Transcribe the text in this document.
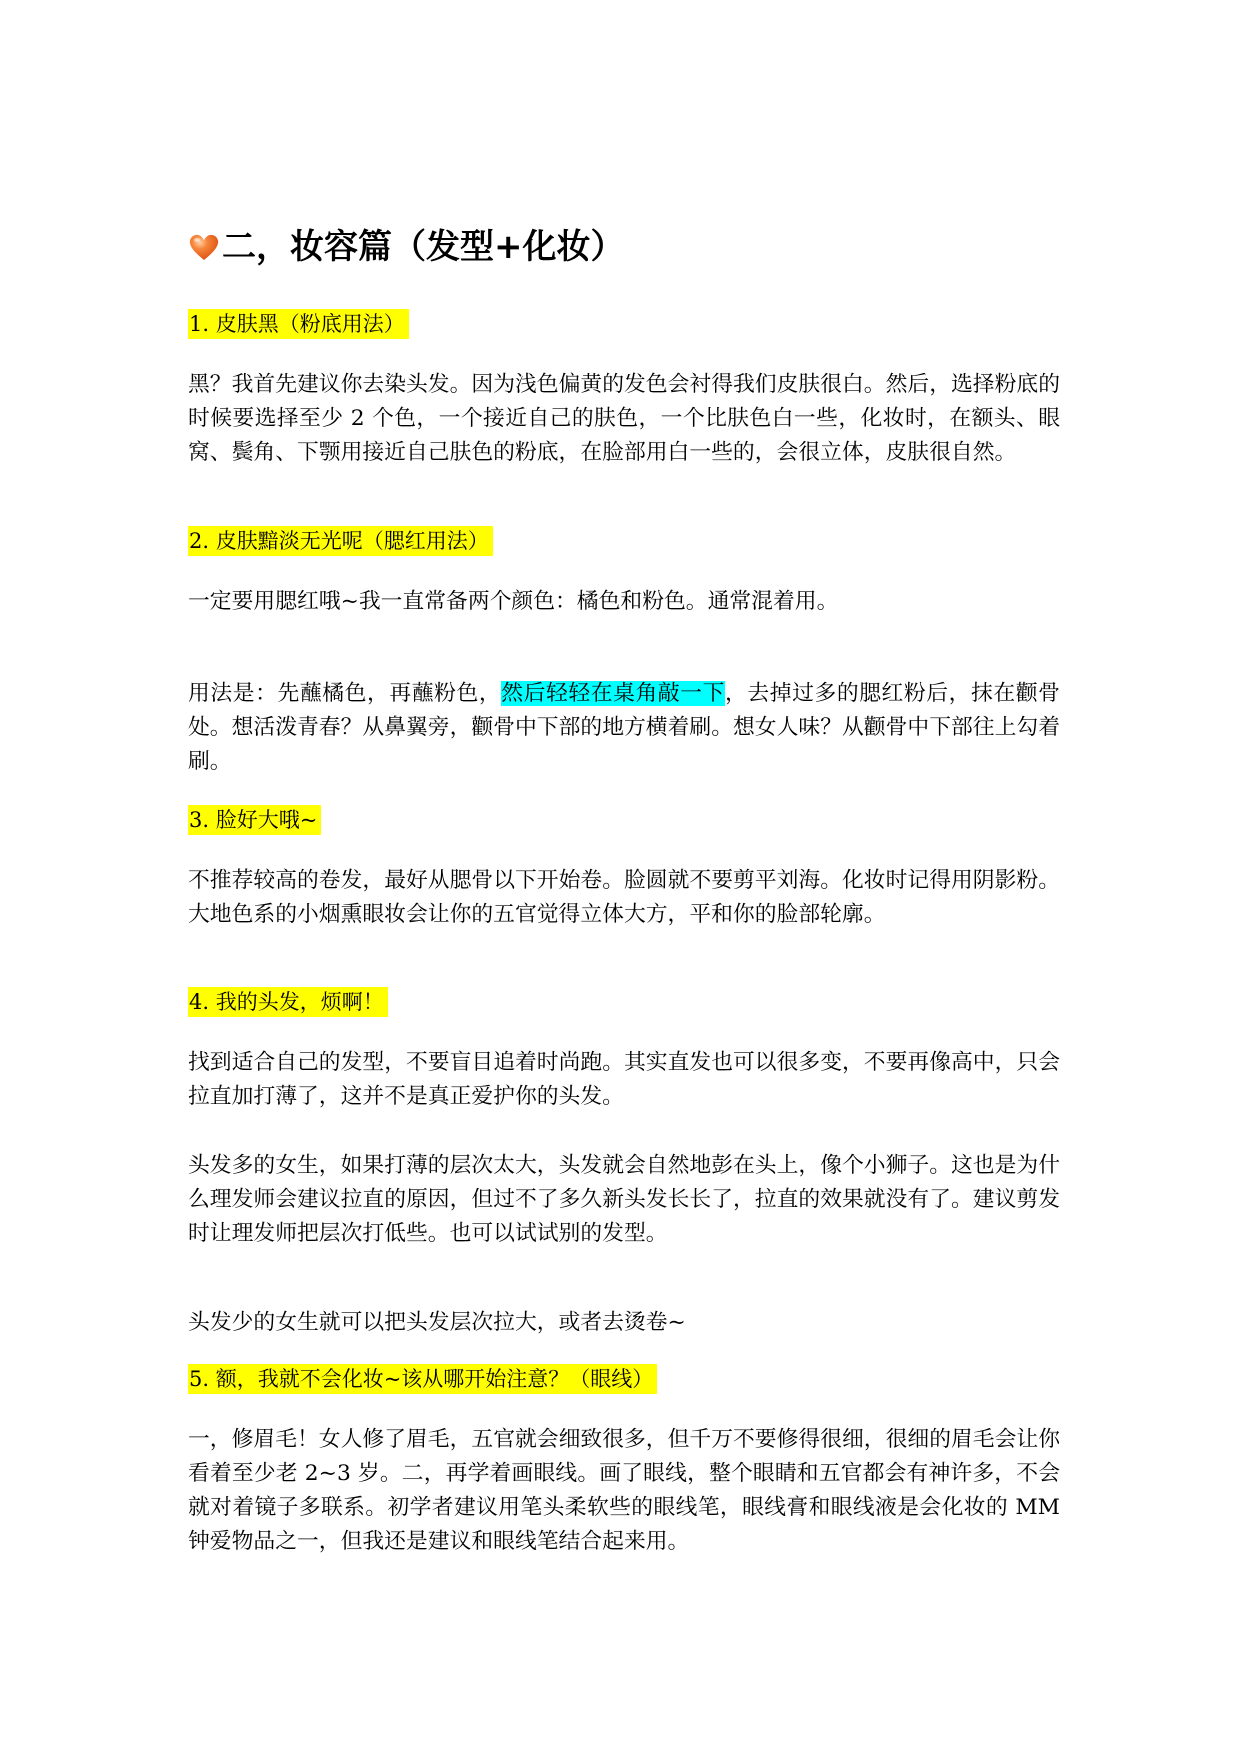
二，妆容篇（发型+化妆）
1. 皮肤黑（粉底用法）
黑？我首先建议你去染头发。因为浅色偏黄的发色会衬得我们皮肤很白。然后，选择粉底的时候要选择至少 2 个色，一个接近自己的肤色，一个比肤色白一些，化妆时，在额头、眼窝、鬓角、下颚用接近自己肤色的粉底，在脸部用白一些的，会很立体，皮肤很自然。
2. 皮肤黯淡无光呢（腮红用法）
一定要用腮红哦~我一直常备两个颜色：橘色和粉色。通常混着用。
用法是：先蘸橘色，再蘸粉色，然后轻轻在桌角敲一下，去掉过多的腮红粉后，抹在颧骨处。想活泼青春？从鼻翼旁，颧骨中下部的地方横着刷。想女人味？从颧骨中下部往上勾着刷。
3. 脸好大哦~
不推荐较高的卷发，最好从腮骨以下开始卷。脸圆就不要剪平刘海。化妆时记得用阴影粉。大地色系的小烟熏眼妆会让你的五官觉得立体大方，平和你的脸部轮廓。
4. 我的头发，烦啊！
找到适合自己的发型，不要盲目追着时尚跑。其实直发也可以很多变，不要再像高中，只会拉直加打薄了，这并不是真正爱护你的头发。
头发多的女生，如果打薄的层次太大，头发就会自然地彭在头上，像个小狮子。这也是为什么理发师会建议拉直的原因，但过不了多久新头发长长了，拉直的效果就没有了。建议剪发时让理发师把层次打低些。也可以试试别的发型。
头发少的女生就可以把头发层次拉大，或者去烫卷~
5. 额，我就不会化妆~该从哪开始注意？（眼线）
一，修眉毛！女人修了眉毛，五官就会细致很多，但千万不要修得很细，很细的眉毛会让你看着至少老 2~3 岁。二，再学着画眼线。画了眼线，整个眼睛和五官都会有神许多，不会就对着镜子多联系。初学者建议用笔头柔软些的眼线笔，眼线膏和眼线液是会化妆的 MM 钟爱物品之一，但我还是建议和眼线笔结合起来用。
